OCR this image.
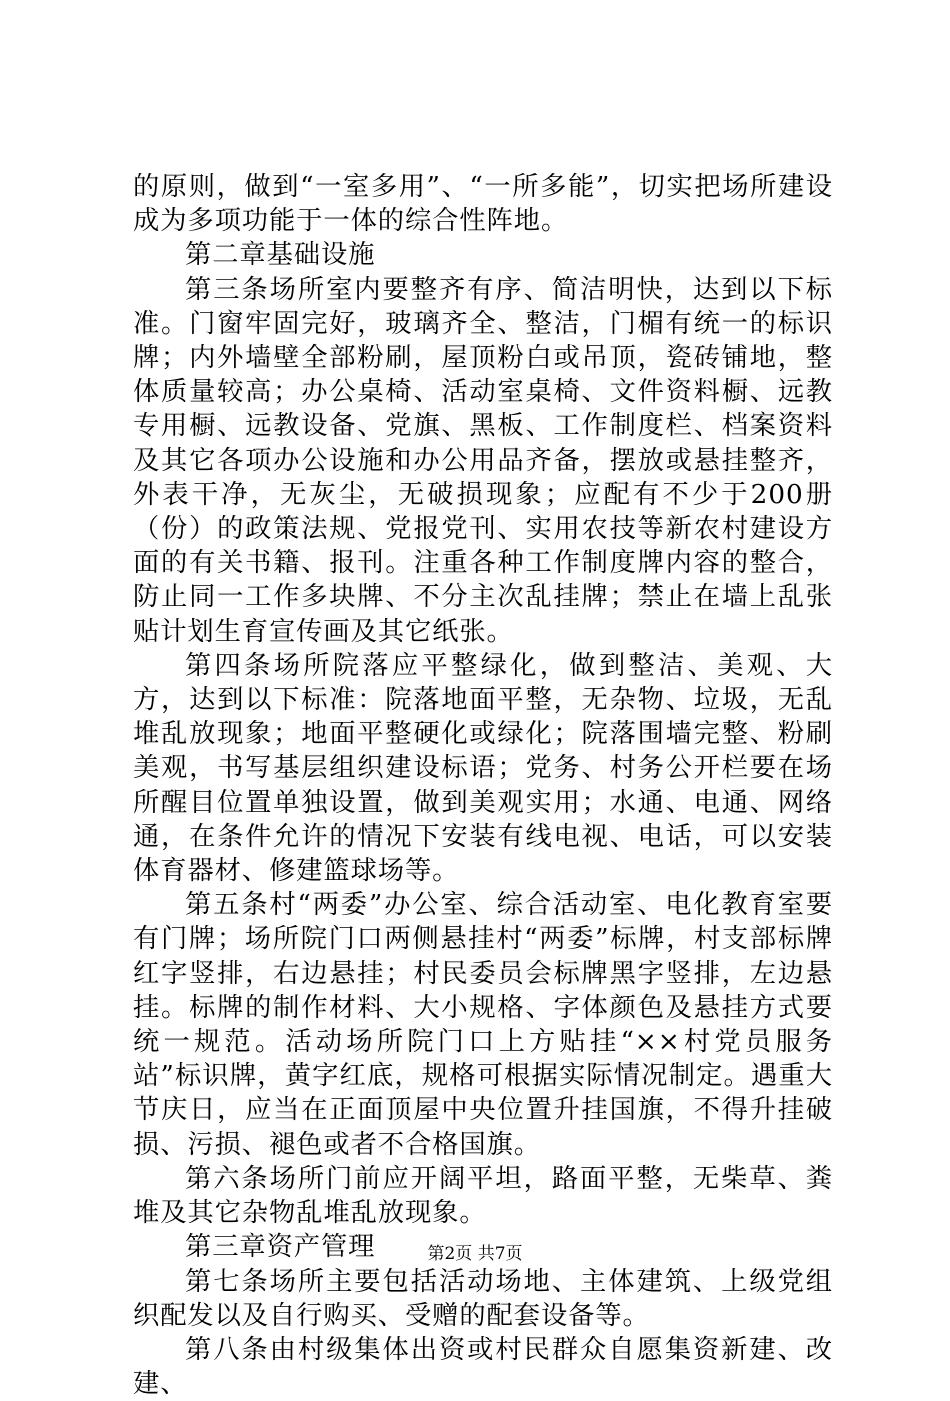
的原则，做到“一室多用”、“一所多能”，切实把场所建设成为多项功能于一体的综合性阵地。

第二章基础设施

第三条场所室内要整齐有序、简洁明快，达到以下标准。门窗牢固完好，玻璃齐全、整洁，门楣有统一的标识牌；内外墙壁全部粉刷，屋顶粉白或吊顶，瓷砖铺地，整体质量较高；办公桌椅、活动室桌椅、文件资料橱、远教专用橱、远教设备、党旗、黑板、工作制度栏、档案资料及其它各项办公设施和办公用品齐备，摆放或悬挂整齐，外表干净，无灰尘，无破损现象；应配有不少于200册（份）的政策法规、党报党刊、实用农技等新农村建设方面的有关书籍、报刊。注重各种工作制度牌内容的整合，防止同一工作多块牌、不分主次乱挂牌；禁止在墙上乱张贴计划生育宣传画及其它纸张。

第四条场所院落应平整绿化，做到整洁、美观、大方，达到以下标准：院落地面平整，无杂物、垃圾，无乱堆乱放现象；地面平整硬化或绿化；院落围墙完整、粉刷美观，书写基层组织建设标语；党务、村务公开栏要在场所醒目位置单独设置，做到美观实用；水通、电通、网络通，在条件允许的情况下安装有线电视、电话，可以安装体育器材、修建篮球场等。

第五条村“两委”办公室、综合活动室、电化教育室要有门牌；场所院门口两侧悬挂村“两委”标牌，村支部标牌红字竖排，右边悬挂；村民委员会标牌黑字竖排，左边悬挂。标牌的制作材料、大小规格、字体颜色及悬挂方式要统一规范。活动场所院门口上方贴挂“××村党员服务站”标识牌，黄字红底，规格可根据实际情况制定。遇重大节庆日，应当在正面顶屋中央位置升挂国旗，不得升挂破损、污损、褪色或者不合格国旗。

第六条场所门前应开阔平坦，路面平整，无柴草、粪堆及其它杂物乱堆乱放现象。

第三章资产管理

第七条场所主要包括活动场地、主体建筑、上级党组织配发以及自行购买、受赠的配套设备等。

第八条由村级集体出资或村民群众自愿集资新建、改建、

第2页 共7页
